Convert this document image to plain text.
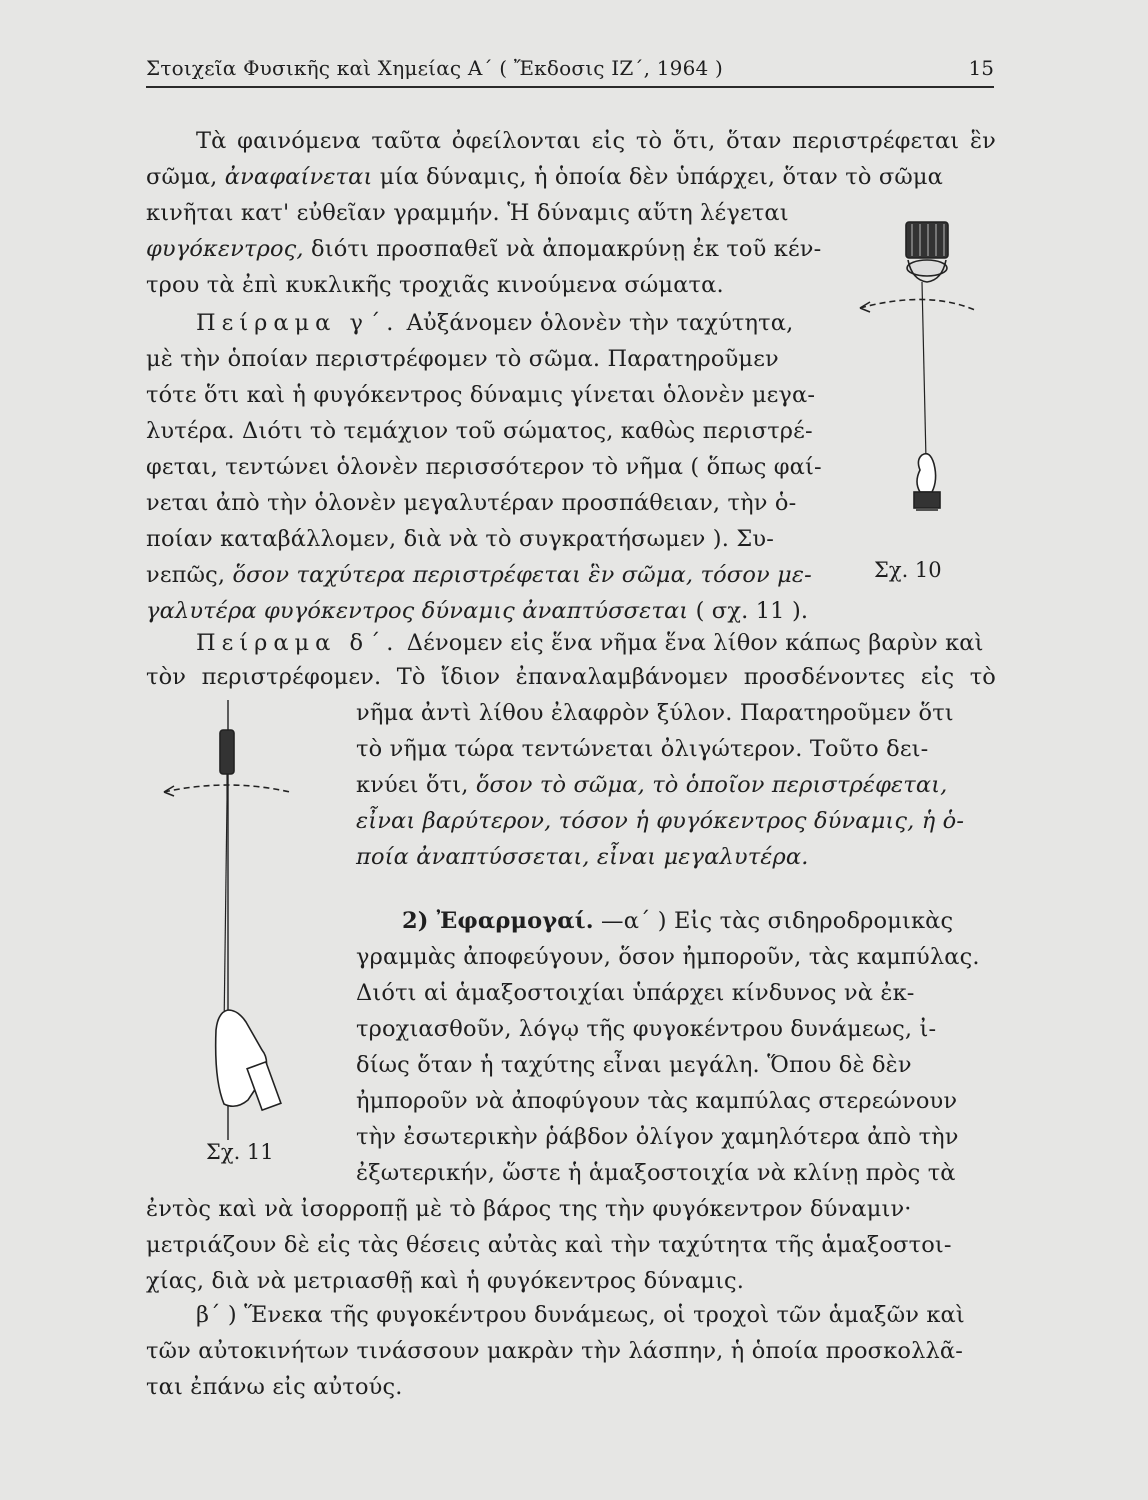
Στοιχεῖα Φυσικῆς καὶ Χημείας Α΄ ( Ἔκδοσις ΙΖ΄, 1964 )	15
Τὰ φαινόμενα ταῦτα ὀφείλονται εἰς τὸ ὅτι, ὅταν περιστρέφεται ἓν
σῶμα, ἀναφαίνεται μία δύναμις, ἡ ὁποία δὲν ὑπάρχει, ὅταν τὸ σῶμα
κινῆται κατ' εὐθεῖαν γραμμήν. Ἡ δύναμις αὕτη λέγεται
φυγόκεντρος, διότι προσπαθεῖ νὰ ἀπομακρύνῃ ἐκ τοῦ κέν-
τρου τὰ ἐπὶ κυκλικῆς τροχιᾶς κινούμενα σώματα.
Πείραμα γ΄. Αὐξάνομεν ὁλονὲν τὴν ταχύτητα,
μὲ τὴν ὁποίαν περιστρέφομεν τὸ σῶμα. Παρατηροῦμεν
τότε ὅτι καὶ ἡ φυγόκεντρος δύναμις γίνεται ὁλονὲν μεγα-
λυτέρα. Διότι τὸ τεμάχιον τοῦ σώματος, καθὼς περιστρέ-
φεται, τεντώνει ὁλονὲν περισσότερον τὸ νῆμα ( ὅπως φαί-
νεται ἀπὸ τὴν ὁλονὲν μεγαλυτέραν προσπάθειαν, τὴν ὁ-
ποίαν καταβάλλομεν, διὰ νὰ τὸ συγκρατήσωμεν ). Συ-
νεπῶς, ὅσον ταχύτερα περιστρέφεται ἓν σῶμα, τόσον με-
γαλυτέρα φυγόκεντρος δύναμις ἀναπτύσσεται ( σχ. 11 ).
Πείραμα δ΄. Δένομεν εἰς ἕνα νῆμα ἕνα λίθον κάπως βαρὺν καὶ
τὸν περιστρέφομεν. Τὸ ἴδιον ἐπαναλαμβάνομεν προσδένοντες εἰς τὸ
νῆμα ἀντὶ λίθου ἐλαφρὸν ξύλον. Παρατηροῦμεν ὅτι
τὸ νῆμα τώρα τεντώνεται ὀλιγώτερον. Τοῦτο δει-
κνύει ὅτι, ὅσον τὸ σῶμα, τὸ ὁποῖον περιστρέφεται,
εἶναι βαρύτερον, τόσον ἡ φυγόκεντρος δύναμις, ἡ ὁ-
ποία ἀναπτύσσεται, εἶναι μεγαλυτέρα.
2) Ἐφαρμογαί. —α΄ ) Εἰς τὰς σιδηροδρομικὰς
γραμμὰς ἀποφεύγουν, ὅσον ἠμποροῦν, τὰς καμπύλας.
Διότι αἱ ἁμαξοστοιχίαι ὑπάρχει κίνδυνος νὰ ἐκ-
τροχιασθοῦν, λόγῳ τῆς φυγοκέντρου δυνάμεως, ἰ-
δίως ὅταν ἡ ταχύτης εἶναι μεγάλη. Ὅπου δὲ δὲν
ἠμποροῦν νὰ ἀποφύγουν τὰς καμπύλας στερεώνουν
τὴν ἐσωτερικὴν ῥάβδον ὀλίγον χαμηλότερα ἀπὸ τὴν
ἐξωτερικήν, ὥστε ἡ ἁμαξοστοιχία νὰ κλίνῃ πρὸς τὰ
ἐντὸς καὶ νὰ ἰσορροπῇ μὲ τὸ βάρος της τὴν φυγόκεντρον δύναμιν·
μετριάζουν δὲ εἰς τὰς θέσεις αὐτὰς καὶ τὴν ταχύτητα τῆς ἁμαξοστοι-
χίας, διὰ νὰ μετριασθῇ καὶ ἡ φυγόκεντρος δύναμις.
β΄ ) Ἕνεκα τῆς φυγοκέντρου δυνάμεως, οἱ τροχοὶ τῶν ἁμαξῶν καὶ
τῶν αὐτοκινήτων τινάσσουν μακρὰν τὴν λάσπην, ἡ ὁποία προσκολλᾶ-
ται ἐπάνω εἰς αὐτούς.
Σχ. 10
Σχ. 11
